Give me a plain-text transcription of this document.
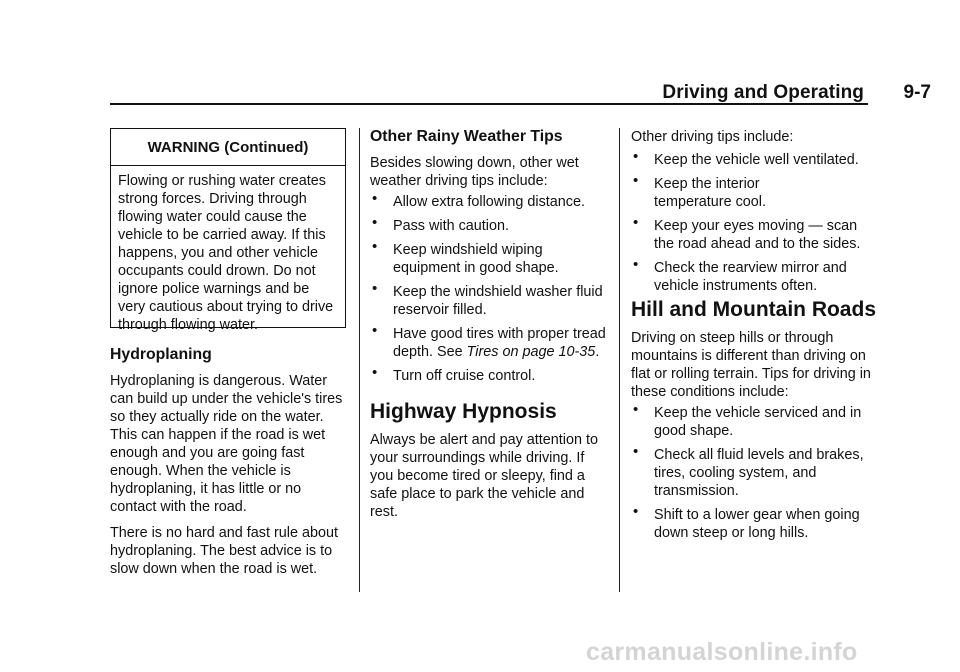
Driving and Operating 9-7
WARNING (Continued)
Flowing or rushing water creates strong forces. Driving through flowing water could cause the vehicle to be carried away. If this happens, you and other vehicle occupants could drown. Do not ignore police warnings and be very cautious about trying to drive through flowing water.
Hydroplaning

Hydroplaning is dangerous. Water can build up under the vehicle's tires so they actually ride on the water. This can happen if the road is wet enough and you are going fast enough. When the vehicle is hydroplaning, it has little or no contact with the road.

There is no hard and fast rule about hydroplaning. The best advice is to slow down when the road is wet.

Other Rainy Weather Tips

Besides slowing down, other wet weather driving tips include:

• Allow extra following distance.
• Pass with caution.
• Keep windshield wiping equipment in good shape.
• Keep the windshield washer fluid reservoir filled.
• Have good tires with proper tread depth. See Tires on page 10-35.
• Turn off cruise control.
Highway Hypnosis

Always be alert and pay attention to your surroundings while driving. If you become tired or sleepy, find a safe place to park the vehicle and rest.

Other driving tips include:

• Keep the vehicle well ventilated.
• Keep the interior temperature cool.
• Keep your eyes moving — scan the road ahead and to the sides.
• Check the rearview mirror and vehicle instruments often.
Hill and Mountain Roads

Driving on steep hills or through mountains is different than driving on flat or rolling terrain. Tips for driving in these conditions include:

• Keep the vehicle serviced and in good shape.
• Check all fluid levels and brakes, tires, cooling system, and transmission.
• Shift to a lower gear when going down steep or long hills.
carmanualsonline.info
